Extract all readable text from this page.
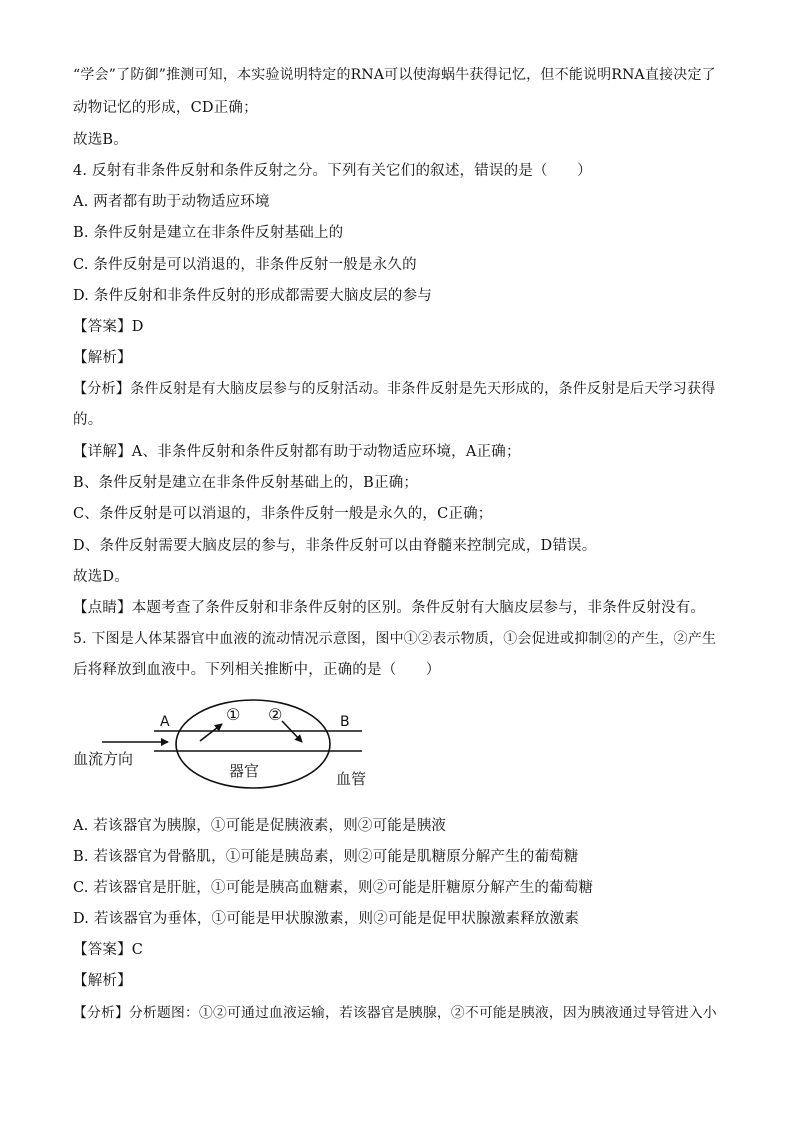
“学会”了防御”推测可知，本实验说明特定的RNA可以使海蜗牛获得记忆，但不能说明RNA直接决定了
动物记忆的形成，CD正确；
故选B。
4. 反射有非条件反射和条件反射之分。下列有关它们的叙述，错误的是（　　）
A. 两者都有助于动物适应环境
B. 条件反射是建立在非条件反射基础上的
C. 条件反射是可以消退的，非条件反射一般是永久的
D. 条件反射和非条件反射的形成都需要大脑皮层的参与
【答案】D
【解析】
【分析】条件反射是有大脑皮层参与的反射活动。非条件反射是先天形成的，条件反射是后天学习获得
的。
【详解】A、非条件反射和条件反射都有助于动物适应环境，A正确；
B、条件反射是建立在非条件反射基础上的，B正确；
C、条件反射是可以消退的，非条件反射一般是永久的，C正确；
D、条件反射需要大脑皮层的参与，非条件反射可以由脊髓来控制完成，D错误。
故选D。
【点睛】本题考查了条件反射和非条件反射的区别。条件反射有大脑皮层参与，非条件反射没有。
5. 下图是人体某器官中血液的流动情况示意图，图中①②表示物质，①会促进或抑制②的产生，②产生
后将释放到血液中。下列相关推断中，正确的是（　　）
A	B
① ②
血流方向
器官	血管
A. 若该器官为胰腺，①可能是促胰液素，则②可能是胰液
B. 若该器官为骨骼肌，①可能是胰岛素，则②可能是肌糖原分解产生的葡萄糖
C. 若该器官是肝脏，①可能是胰高血糖素，则②可能是肝糖原分解产生的葡萄糖
D. 若该器官为垂体，①可能是甲状腺激素，则②可能是促甲状腺激素释放激素
【答案】C
【解析】
【分析】分析题图：①②可通过血液运输，若该器官是胰腺，②不可能是胰液，因为胰液通过导管进入小
